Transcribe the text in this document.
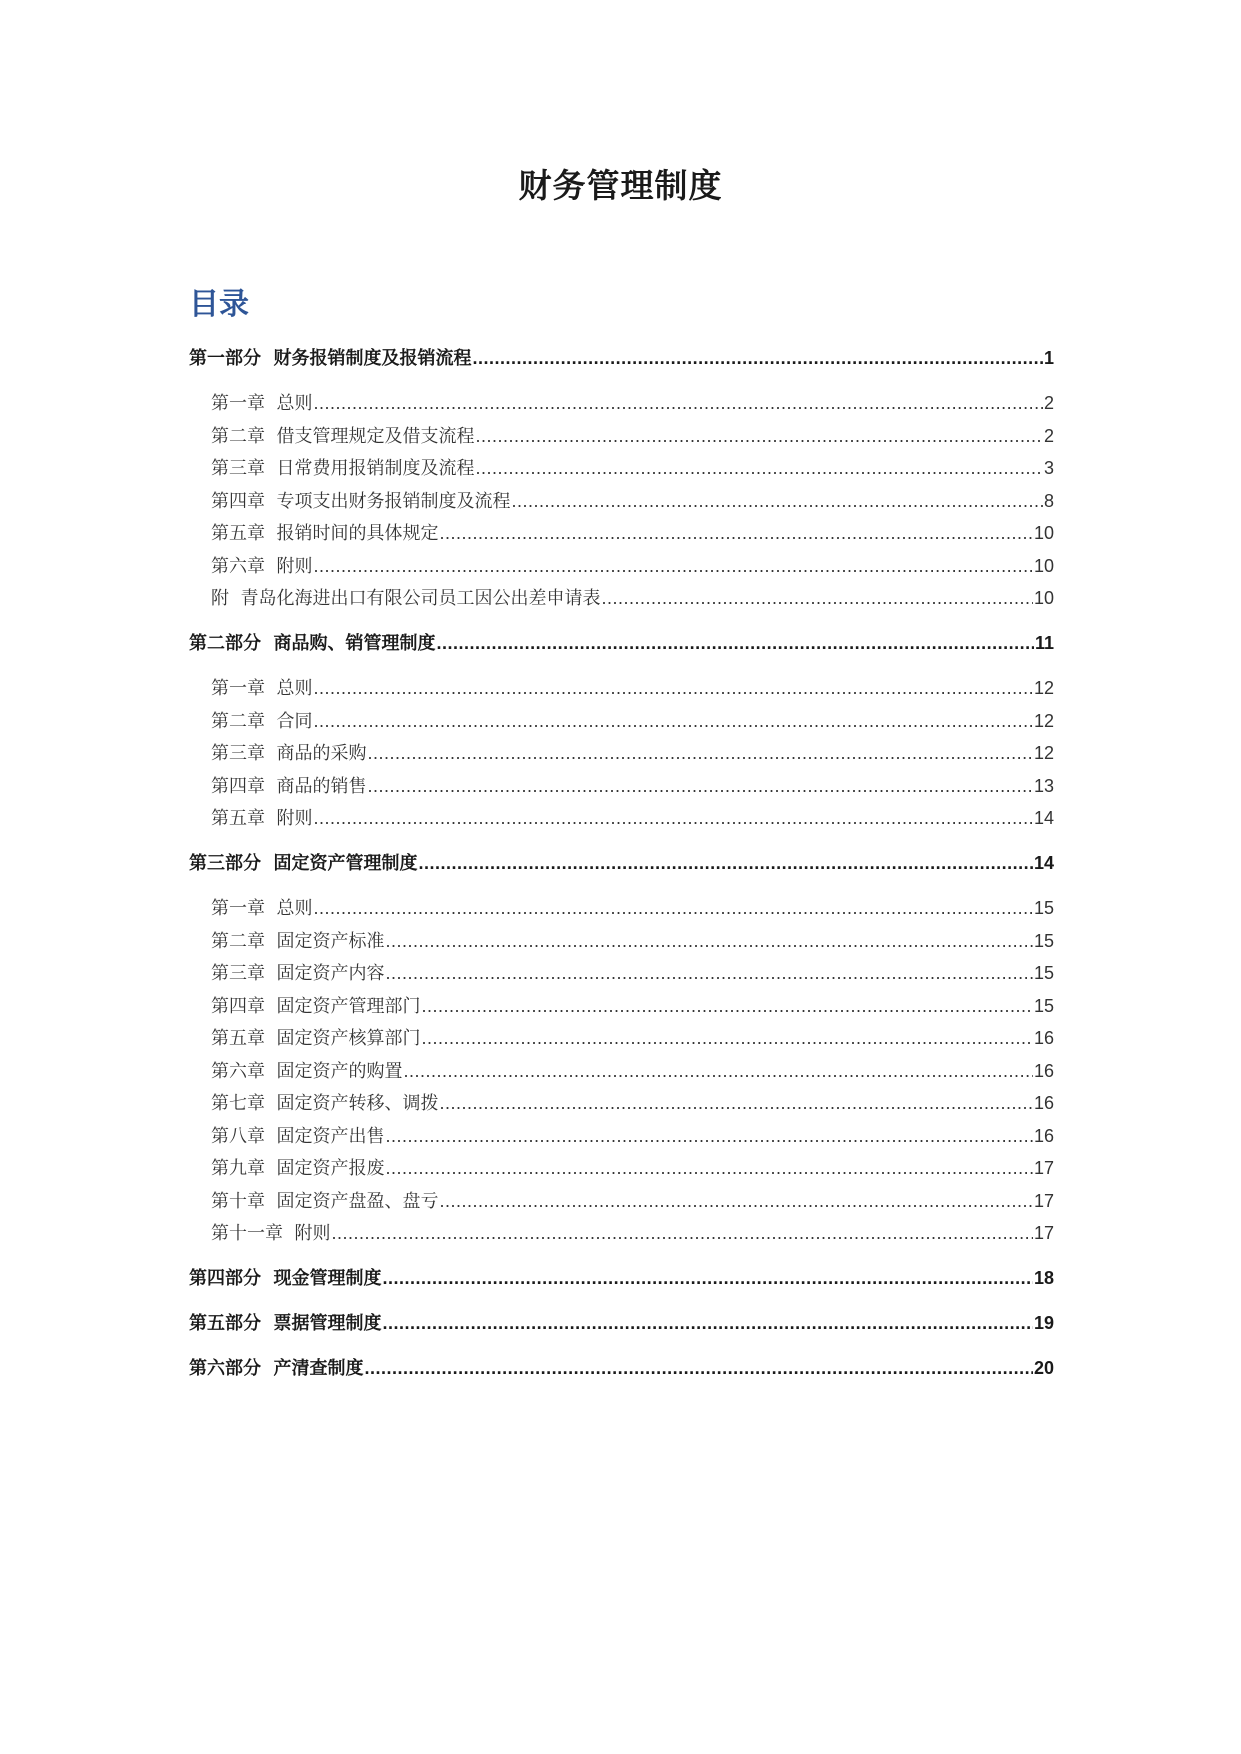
财务管理制度
目录
第一部分  财务报销制度及报销流程 .....	1
第一章  总则 .....	2
第二章  借支管理规定及借支流程 .....	2
第三章  日常费用报销制度及流程 .....	3
第四章  专项支出财务报销制度及流程 .....	8
第五章  报销时间的具体规定 .....	10
第六章  附则 .....	10
附  青岛化海进出口有限公司员工因公出差申请表 .....	10
第二部分  商品购、销管理制度 .....	11
第一章  总则 .....	12
第二章  合同 .....	12
第三章  商品的采购 .....	12
第四章  商品的销售 .....	13
第五章  附则 .....	14
第三部分  固定资产管理制度 .....	14
第一章  总则 .....	15
第二章  固定资产标准 .....	15
第三章  固定资产内容 .....	15
第四章  固定资产管理部门 .....	15
第五章  固定资产核算部门 .....	16
第六章  固定资产的购置 .....	16
第七章  固定资产转移、调拨 .....	16
第八章  固定资产出售 .....	16
第九章  固定资产报废 .....	17
第十章  固定资产盘盈、盘亏 .....	17
第十一章  附则 .....	17
第四部分  现金管理制度 .....	18
第五部分  票据管理制度 .....	19
第六部分  产清查制度 .....	20
